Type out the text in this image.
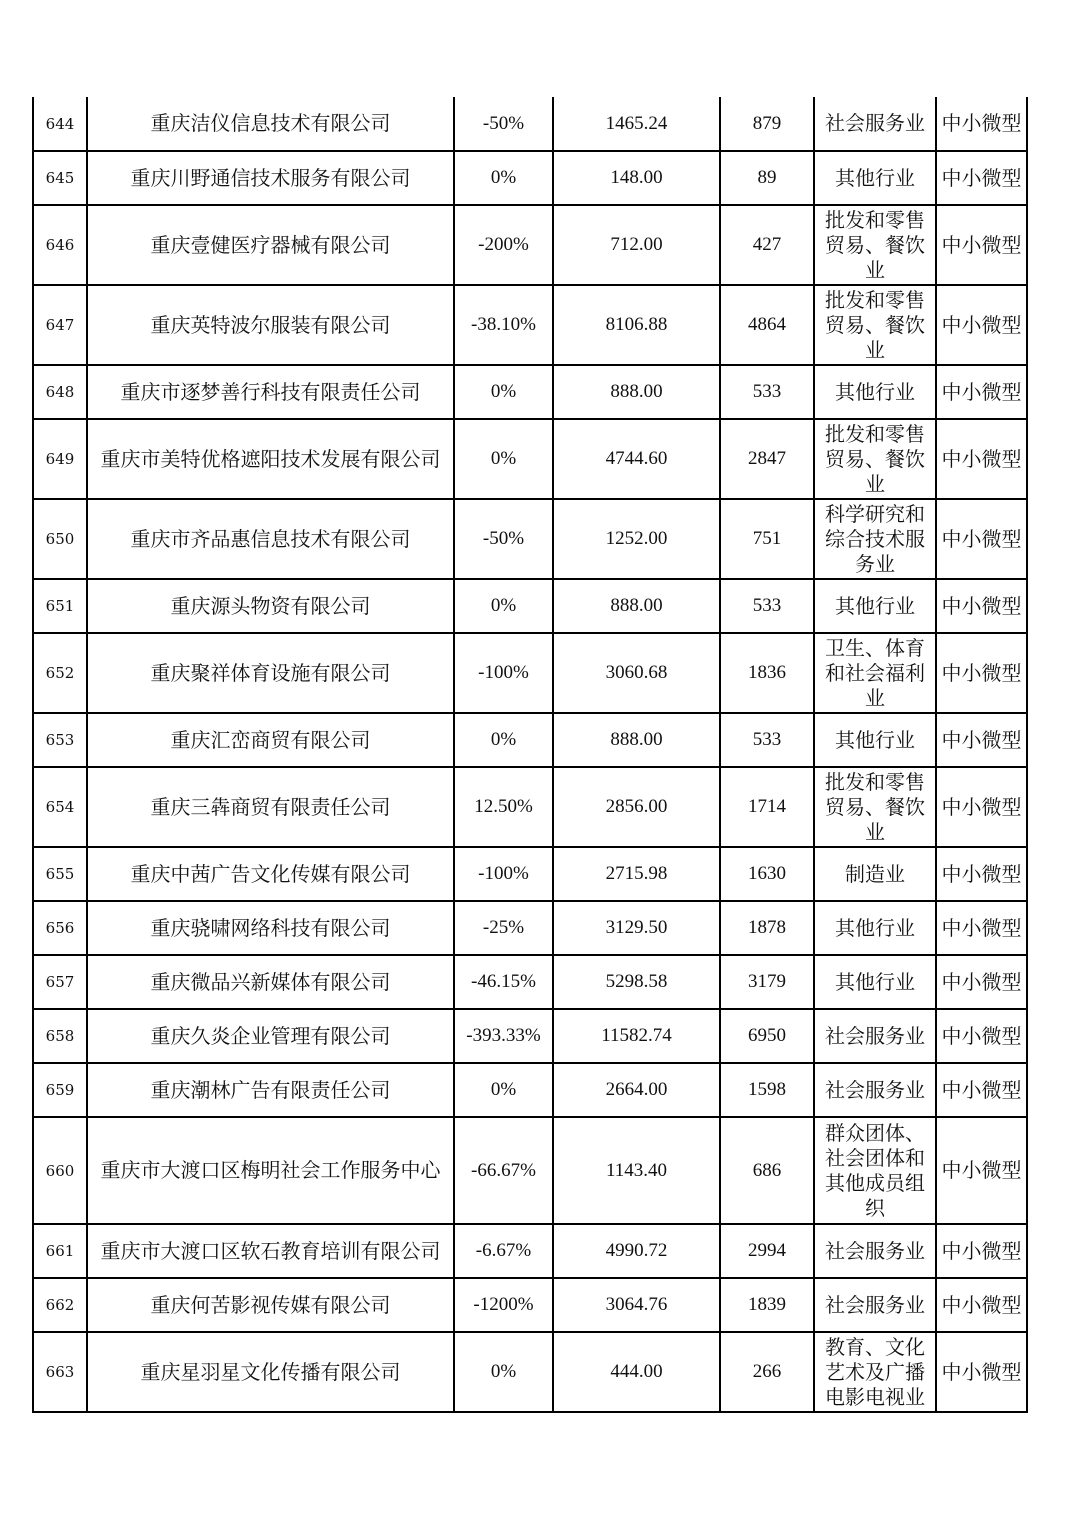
644	重庆洁仪信息技术有限公司	-50%	1465.24	879	社会服务业	中小微型
645	重庆川野通信技术服务有限公司	0%	148.00	89	其他行业	中小微型
646	重庆壹健医疗器械有限公司	-200%	712.00	427	批发和零售贸易、餐饮业	中小微型
647	重庆英特波尔服装有限公司	-38.10%	8106.88	4864	批发和零售贸易、餐饮业	中小微型
648	重庆市逐梦善行科技有限责任公司	0%	888.00	533	其他行业	中小微型
649	重庆市美特优格遮阳技术发展有限公司	0%	4744.60	2847	批发和零售贸易、餐饮业	中小微型
650	重庆市齐品惠信息技术有限公司	-50%	1252.00	751	科学研究和综合技术服务业	中小微型
651	重庆源头物资有限公司	0%	888.00	533	其他行业	中小微型
652	重庆聚祥体育设施有限公司	-100%	3060.68	1836	卫生、体育和社会福利业	中小微型
653	重庆汇峦商贸有限公司	0%	888.00	533	其他行业	中小微型
654	重庆三犇商贸有限责任公司	12.50%	2856.00	1714	批发和零售贸易、餐饮业	中小微型
655	重庆中茜广告文化传媒有限公司	-100%	2715.98	1630	制造业	中小微型
656	重庆骁啸网络科技有限公司	-25%	3129.50	1878	其他行业	中小微型
657	重庆微品兴新媒体有限公司	-46.15%	5298.58	3179	其他行业	中小微型
658	重庆久炎企业管理有限公司	-393.33%	11582.74	6950	社会服务业	中小微型
659	重庆潮林广告有限责任公司	0%	2664.00	1598	社会服务业	中小微型
660	重庆市大渡口区梅明社会工作服务中心	-66.67%	1143.40	686	群众团体、社会团体和其他成员组织	中小微型
661	重庆市大渡口区软石教育培训有限公司	-6.67%	4990.72	2994	社会服务业	中小微型
662	重庆何苦影视传媒有限公司	-1200%	3064.76	1839	社会服务业	中小微型
663	重庆星羽星文化传播有限公司	0%	444.00	266	教育、文化艺术及广播电影电视业	中小微型
